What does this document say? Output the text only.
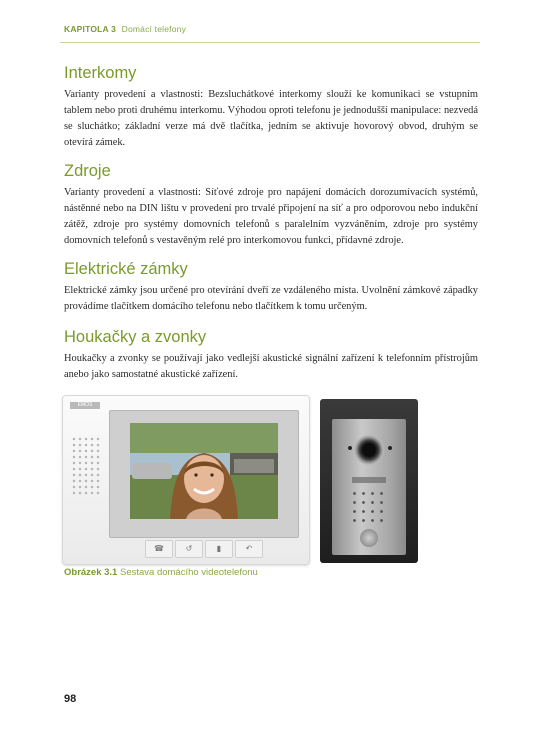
KAPITOLA 3 Domácí telefony
Interkomy

Varianty provedení a vlastnosti: Bezsluchátkové interkomy slouží ke komunikaci se vstupním tablem nebo proti druhému interkomu. Výhodou oproti telefonu je jednodušší manipulace: nezvedá se sluchátko; základní verze má dvě tlačítka, jedním se aktivuje hovorový obvod, druhým se otevírá zámek.

Zdroje

Varianty provedení a vlastnosti: Síťové zdroje pro napájení domácích dorozumívacích systémů, nástěnné nebo na DIN lištu v provedení pro trvalé připojení na síť a pro odporovou nebo indukční zátěž, zdroje pro systémy domovních telefonů s paralelním vyzváněním, zdroje pro systémy domovních telefonů s vestavěným relé pro interkomovou funkci, přídavné zdroje.

Elektrické zámky

Elektrické zámky jsou určené pro otevírání dveří ze vzdáleného místa. Uvolnění zámkové západky provádíme tlačítkem domácího telefonu nebo tlačítkem k tomu určeným.

Houkačky a zvonky

Houkačky a zvonky se používají jako vedlejší akustické signální zařízení k telefonním přístrojům anebo jako samostatné akustické zařízení.

EMOS
☎	↺	▮	↶
Obrázek 3.1 Sestava domácího videotelefonu
98
